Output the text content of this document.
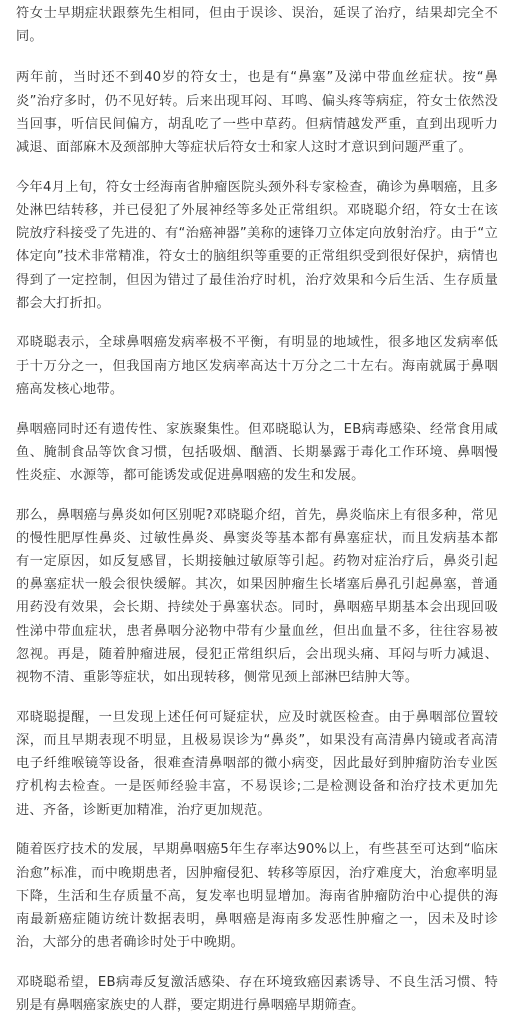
符女士早期症状跟蔡先生相同，但由于误诊、误治，延误了治疗，结果却完全不同。

两年前，当时还不到40岁的符女士，也是有“鼻塞”及涕中带血丝症状。按“鼻炎”治疗多时，仍不见好转。后来出现耳闷、耳鸣、偏头疼等病症，符女士依然没当回事，听信民间偏方，胡乱吃了一些中草药。但病情越发严重，直到出现听力减退、面部麻木及颈部肿大等症状后符女士和家人这时才意识到问题严重了。

今年4月上旬，符女士经海南省肿瘤医院头颈外科专家检查，确诊为鼻咽癌，且多处淋巴结转移，并已侵犯了外展神经等多处正常组织。邓晓聪介绍，符女士在该院放疗科接受了先进的、有“治癌神器”美称的速锋刀立体定向放射治疗。由于“立体定向”技术非常精准，符女士的脑组织等重要的正常组织受到很好保护，病情也得到了一定控制，但因为错过了最佳治疗时机，治疗效果和今后生活、生存质量都会大打折扣。

邓晓聪表示，全球鼻咽癌发病率极不平衡，有明显的地域性，很多地区发病率低于十万分之一，但我国南方地区发病率高达十万分之二十左右。海南就属于鼻咽癌高发核心地带。

鼻咽癌同时还有遗传性、家族聚集性。但邓晓聪认为，EB病毒感染、经常食用咸鱼、腌制食品等饮食习惯，包括吸烟、酗酒、长期暴露于毒化工作环境、鼻咽慢性炎症、水源等，都可能诱发或促进鼻咽癌的发生和发展。

那么，鼻咽癌与鼻炎如何区别呢?邓晓聪介绍，首先，鼻炎临床上有很多种，常见的慢性肥厚性鼻炎、过敏性鼻炎、鼻窦炎等基本都有鼻塞症状，而且发病基本都有一定原因，如反复感冒，长期接触过敏原等引起。药物对症治疗后，鼻炎引起的鼻塞症状一般会很快缓解。其次，如果因肿瘤生长堵塞后鼻孔引起鼻塞，普通用药没有效果，会长期、持续处于鼻塞状态。同时，鼻咽癌早期基本会出现回吸性涕中带血症状，患者鼻咽分泌物中带有少量血丝，但出血量不多，往往容易被忽视。再是，随着肿瘤进展，侵犯正常组织后，会出现头痛、耳闷与听力减退、视物不清、重影等症状，如出现转移，侧常见颈上部淋巴结肿大等。

邓晓聪提醒，一旦发现上述任何可疑症状，应及时就医检查。由于鼻咽部位置较深，而且早期表现不明显，且极易误诊为“鼻炎”，如果没有高清鼻内镜或者高清电子纤维喉镜等设备，很难查清鼻咽部的微小病变，因此最好到肿瘤防治专业医疗机构去检查。一是医师经验丰富，不易误诊;二是检测设备和治疗技术更加先进、齐备，诊断更加精准，治疗更加规范。

随着医疗技术的发展，早期鼻咽癌5年生存率达90%以上，有些甚至可达到“临床治愈”标准，而中晚期患者，因肿瘤侵犯、转移等原因，治疗难度大，治愈率明显下降，生活和生存质量不高，复发率也明显增加。海南省肿瘤防治中心提供的海南最新癌症随访统计数据表明，鼻咽癌是海南多发恶性肿瘤之一，因未及时诊治，大部分的患者确诊时处于中晚期。

邓晓聪希望，EB病毒反复激活感染、存在环境致癌因素诱导、不良生活习惯、特别是有鼻咽癌家族史的人群，要定期进行鼻咽癌早期筛查。
